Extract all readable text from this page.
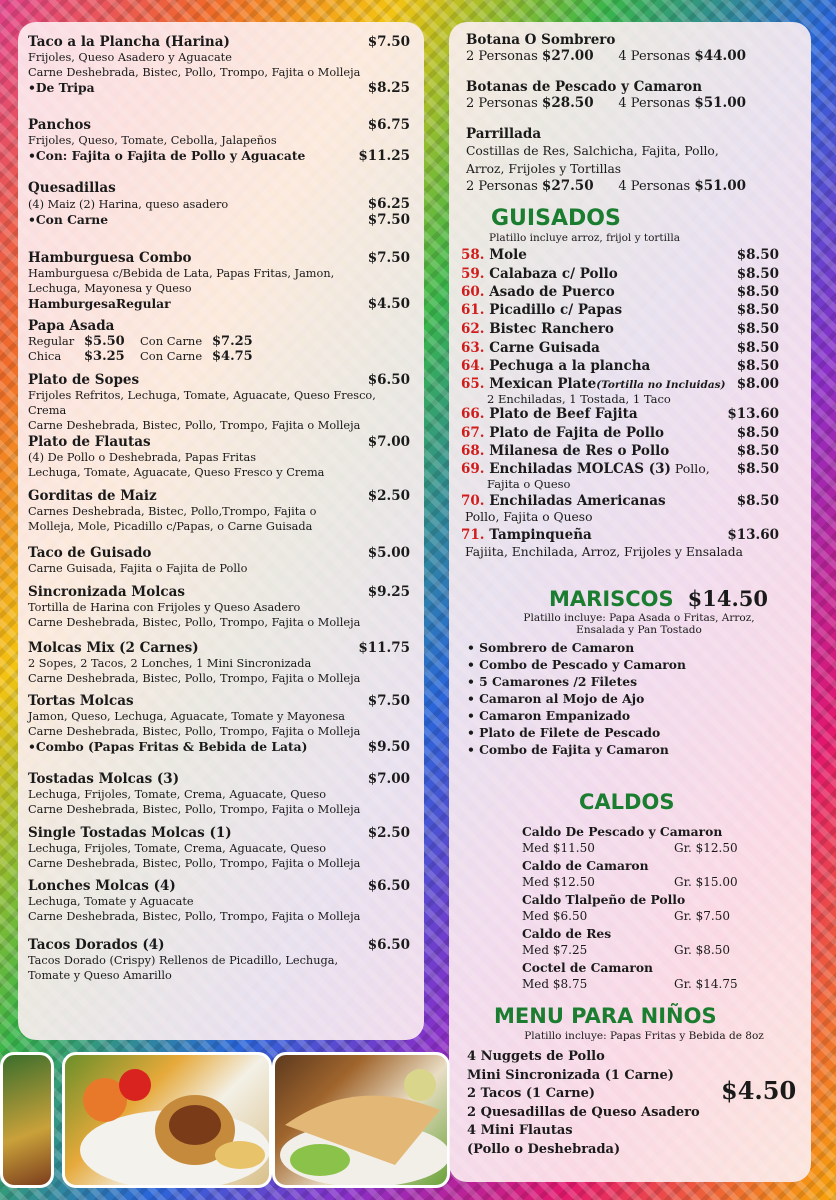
Taco a la Plancha (Harina)	$7.50
Frijoles, Queso Asadero y Aguacate
Carne Deshebrada, Bistec, Pollo, Trompo, Fajita o Molleja
•De Tripa	$8.25
Panchos	$6.75
Frijoles, Queso, Tomate, Cebolla, Jalapeños
•Con: Fajita o Fajita de Pollo y Aguacate	$11.25
Quesadillas
(4) Maiz (2) Harina, queso asadero	$6.25
•Con Carne	$7.50
Hamburguesa Combo	$7.50
Hamburguesa c/Bebida de Lata, Papas Fritas, Jamon,
Lechuga, Mayonesa y Queso
HamburgesaRegular	$4.50
Papa Asada
Regular $5.50	Con Carne $7.25
Chica	$3.25	Con Carne $4.75
Plato de Sopes	$6.50
Frijoles Refritos, Lechuga, Tomate, Aguacate, Queso Fresco, Crema
Carne Deshebrada, Bistec, Pollo, Trompo, Fajita o Molleja
Plato de Flautas	$7.00
(4) De Pollo o Deshebrada, Papas Fritas
Lechuga, Tomate, Aguacate, Queso Fresco y Crema
Gorditas de Maiz	$2.50
Carnes Deshebrada, Bistec, Pollo,Trompo, Fajita o
Molleja, Mole, Picadillo c/Papas, o Carne Guisada
Taco de Guisado	$5.00
Carne Guisada, Fajita o Fajita de Pollo
Sincronizada Molcas	$9.25
Tortilla de Harina con Frijoles y Queso Asadero
Carne Deshebrada, Bistec, Pollo, Trompo, Fajita o Molleja
Molcas Mix (2 Carnes)	$11.75
2 Sopes, 2 Tacos, 2 Lonches, 1 Mini Sincronizada
Carne Deshebrada, Bistec, Pollo, Trompo, Fajita o Molleja
Tortas Molcas	$7.50
Jamon, Queso, Lechuga, Aguacate, Tomate y Mayonesa
Carne Deshebrada, Bistec, Pollo, Trompo, Fajita o Molleja
•Combo (Papas Fritas & Bebida de Lata)	$9.50
Tostadas Molcas (3)	$7.00
Lechuga, Frijoles, Tomate, Crema, Aguacate, Queso
Carne Deshebrada, Bistec, Pollo, Trompo, Fajita o Molleja
Single Tostadas Molcas (1)	$2.50
Lechuga, Frijoles, Tomate, Crema, Aguacate, Queso
Carne Deshebrada, Bistec, Pollo, Trompo, Fajita o Molleja
Lonches Molcas (4)	$6.50
Lechuga, Tomate y Aguacate
Carne Deshebrada, Bistec, Pollo, Trompo, Fajita o Molleja
Tacos Dorados (4)	$6.50
Tacos Dorado (Crispy) Rellenos de Picadillo, Lechuga,
Tomate y Queso Amarillo
Botana O Sombrero
2 Personas $27.00 4 Personas $44.00
Botanas de Pescado y Camaron
2 Personas $28.50 4 Personas $51.00
Parrillada
Costillas de Res, Salchicha, Fajita, Pollo,
Arroz, Frijoles y Tortillas
2 Personas $27.50 4 Personas $51.00
GUISADOS
Platillo incluye arroz, frijol y tortilla
58. Mole	$8.50
59. Calabaza c/ Pollo	$8.50
60. Asado de Puerco	$8.50
61. Picadillo c/ Papas	$8.50
62. Bistec Ranchero	$8.50
63. Carne Guisada	$8.50
64. Pechuga a la plancha	$8.50
65. Mexican Plate(Tortilla no Incluidas) $8.00
2 Enchiladas, 1 Tostada, 1 Taco
66. Plato de Beef Fajita	$13.60
67. Plato de Fajita de Pollo	$8.50
68. Milanesa de Res o Pollo	$8.50
69. Enchiladas MOLCAS (3) Pollo, $8.50
Fajita o Queso
70. Enchiladas Americanas	$8.50
Pollo, Fajita o Queso
71. Tampinqueña	$13.60
Fajiita, Enchilada, Arroz, Frijoles y Ensalada
MARISCOS $14.50
Platillo incluye: Papa Asada o Fritas, Arroz,
Ensalada y Pan Tostado
• Sombrero de Camaron
• Combo de Pescado y Camaron
• 5 Camarones /2 Filetes
• Camaron al Mojo de Ajo
• Camaron Empanizado
• Plato de Filete de Pescado
• Combo de Fajita y Camaron
CALDOS
Caldo De Pescado y Camaron
Med $11.50	Gr. $12.50
Caldo de Camaron
Med $12.50	Gr. $15.00
Caldo Tlalpeño de Pollo
Med $6.50	Gr. $7.50
Caldo de Res
Med $7.25	Gr. $8.50
Coctel de Camaron
Med $8.75	Gr. $14.75
MENU PARA NIÑOS
Platillo incluye: Papas Fritas y Bebida de 8oz
4 Nuggets de Pollo
Mini Sincronizada (1 Carne)
2 Tacos (1 Carne)
2 Quesadillas de Queso Asadero
4 Mini Flautas
(Pollo o Deshebrada)
$4.50
